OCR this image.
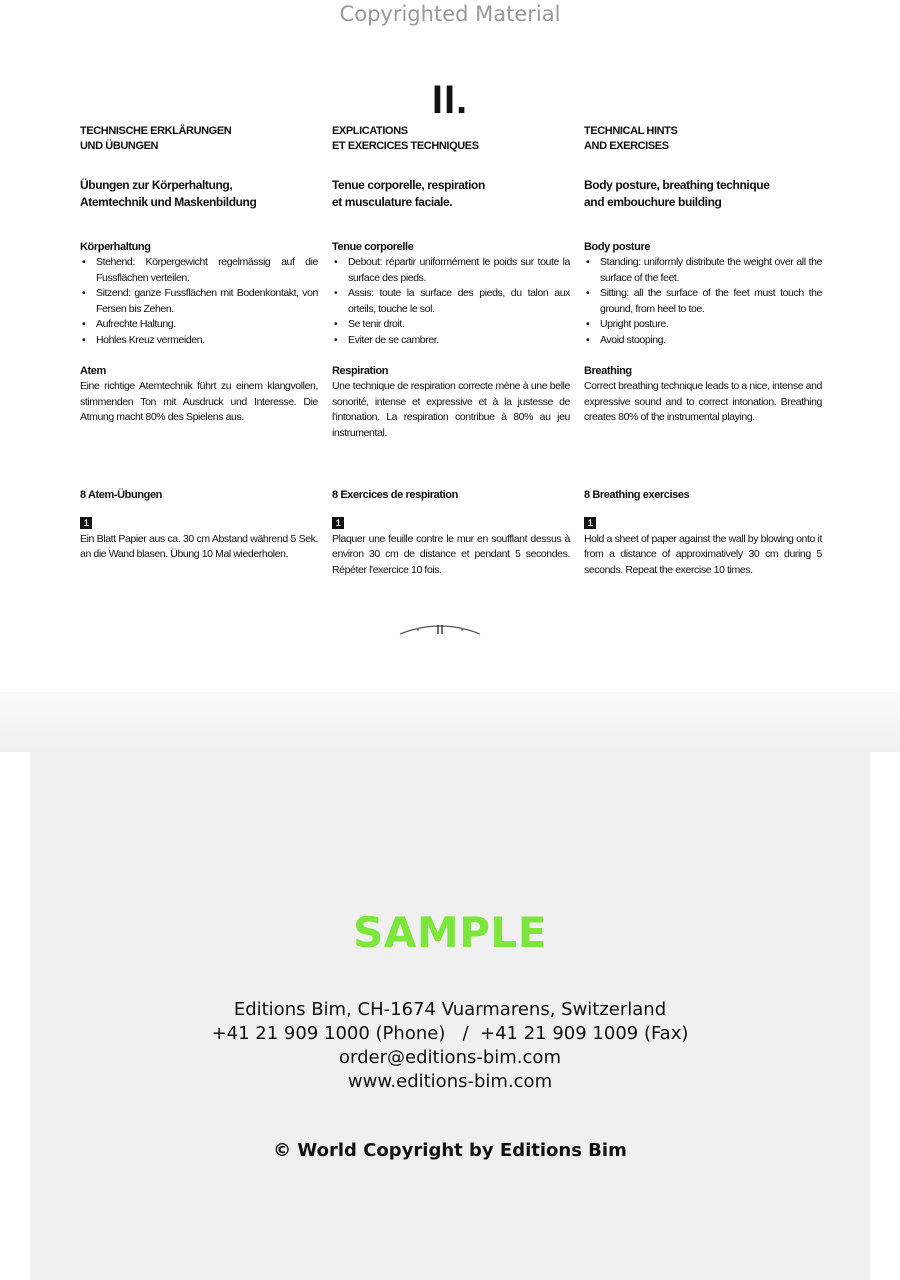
Copyrighted Material
II.
TECHNISCHE ERKLÄRUNGEN
UND ÜBUNGEN
Übungen zur Körperhaltung,
Atemtechnik und Maskenbildung
Körperhaltung
• Stehend: Körpergewicht regelmässig auf die Fussflächen verteilen.
• Sitzend: ganze Fussflächen mit Bodenkontakt, von Fersen bis Zehen.
• Aufrechte Haltung.
• Hohles Kreuz vermeiden.
Atem

Eine richtige Atemtechnik führt zu einem klangvollen, stimmenden Ton mit Ausdruck und Interesse. Die Atmung macht 80% des Spielens aus.

8 Atem-Übungen
1

Ein Blatt Papier aus ca. 30 cm Abstand während 5 Sek. an die Wand blasen. Übung 10 Mal wiederholen.

EXPLICATIONS
ET EXERCICES TECHNIQUES
Tenue corporelle, respiration
et musculature faciale.
Tenue corporelle
• Debout: répartir uniformément le poids sur toute la surface des pieds.
• Assis: toute la surface des pieds, du talon aux orteils, touche le sol.
• Se tenir droit.
• Eviter de se cambrer.
Respiration

Une technique de respiration correcte mène à une belle sonorité, intense et expressive et à la justesse de l'intonation. La respiration contribue à 80% au jeu instrumental.

8 Exercices de respiration
1

Plaquer une feuille contre le mur en soufflant dessus à environ 30 cm de distance et pendant 5 secondes. Répéter l'exercice 10 fois.

TECHNICAL HINTS
AND EXERCISES
Body posture, breathing technique
and embouchure building
Body posture
• Standing: uniformly distribute the weight over all the surface of the feet.
• Sitting: all the surface of the feet must touch the ground, from heel to toe.
• Upright posture.
• Avoid stooping.
Breathing

Correct breathing technique leads to a nice, intense and expressive sound and to correct intonation. Breathing creates 80% of the instrumental playing.

8 Breathing exercises
1

Hold a sheet of paper against the wall by blowing onto it from a distance of approximatively 30 cm during 5 seconds. Repeat the exercise 10 times.

SAMPLE
Editions Bim, CH-1674 Vuarmarens, Switzerland
+41 21 909 1000 (Phone)   /  +41 21 909 1009 (Fax)
order@editions-bim.com
www.editions-bim.com
© World Copyright by Editions Bim
